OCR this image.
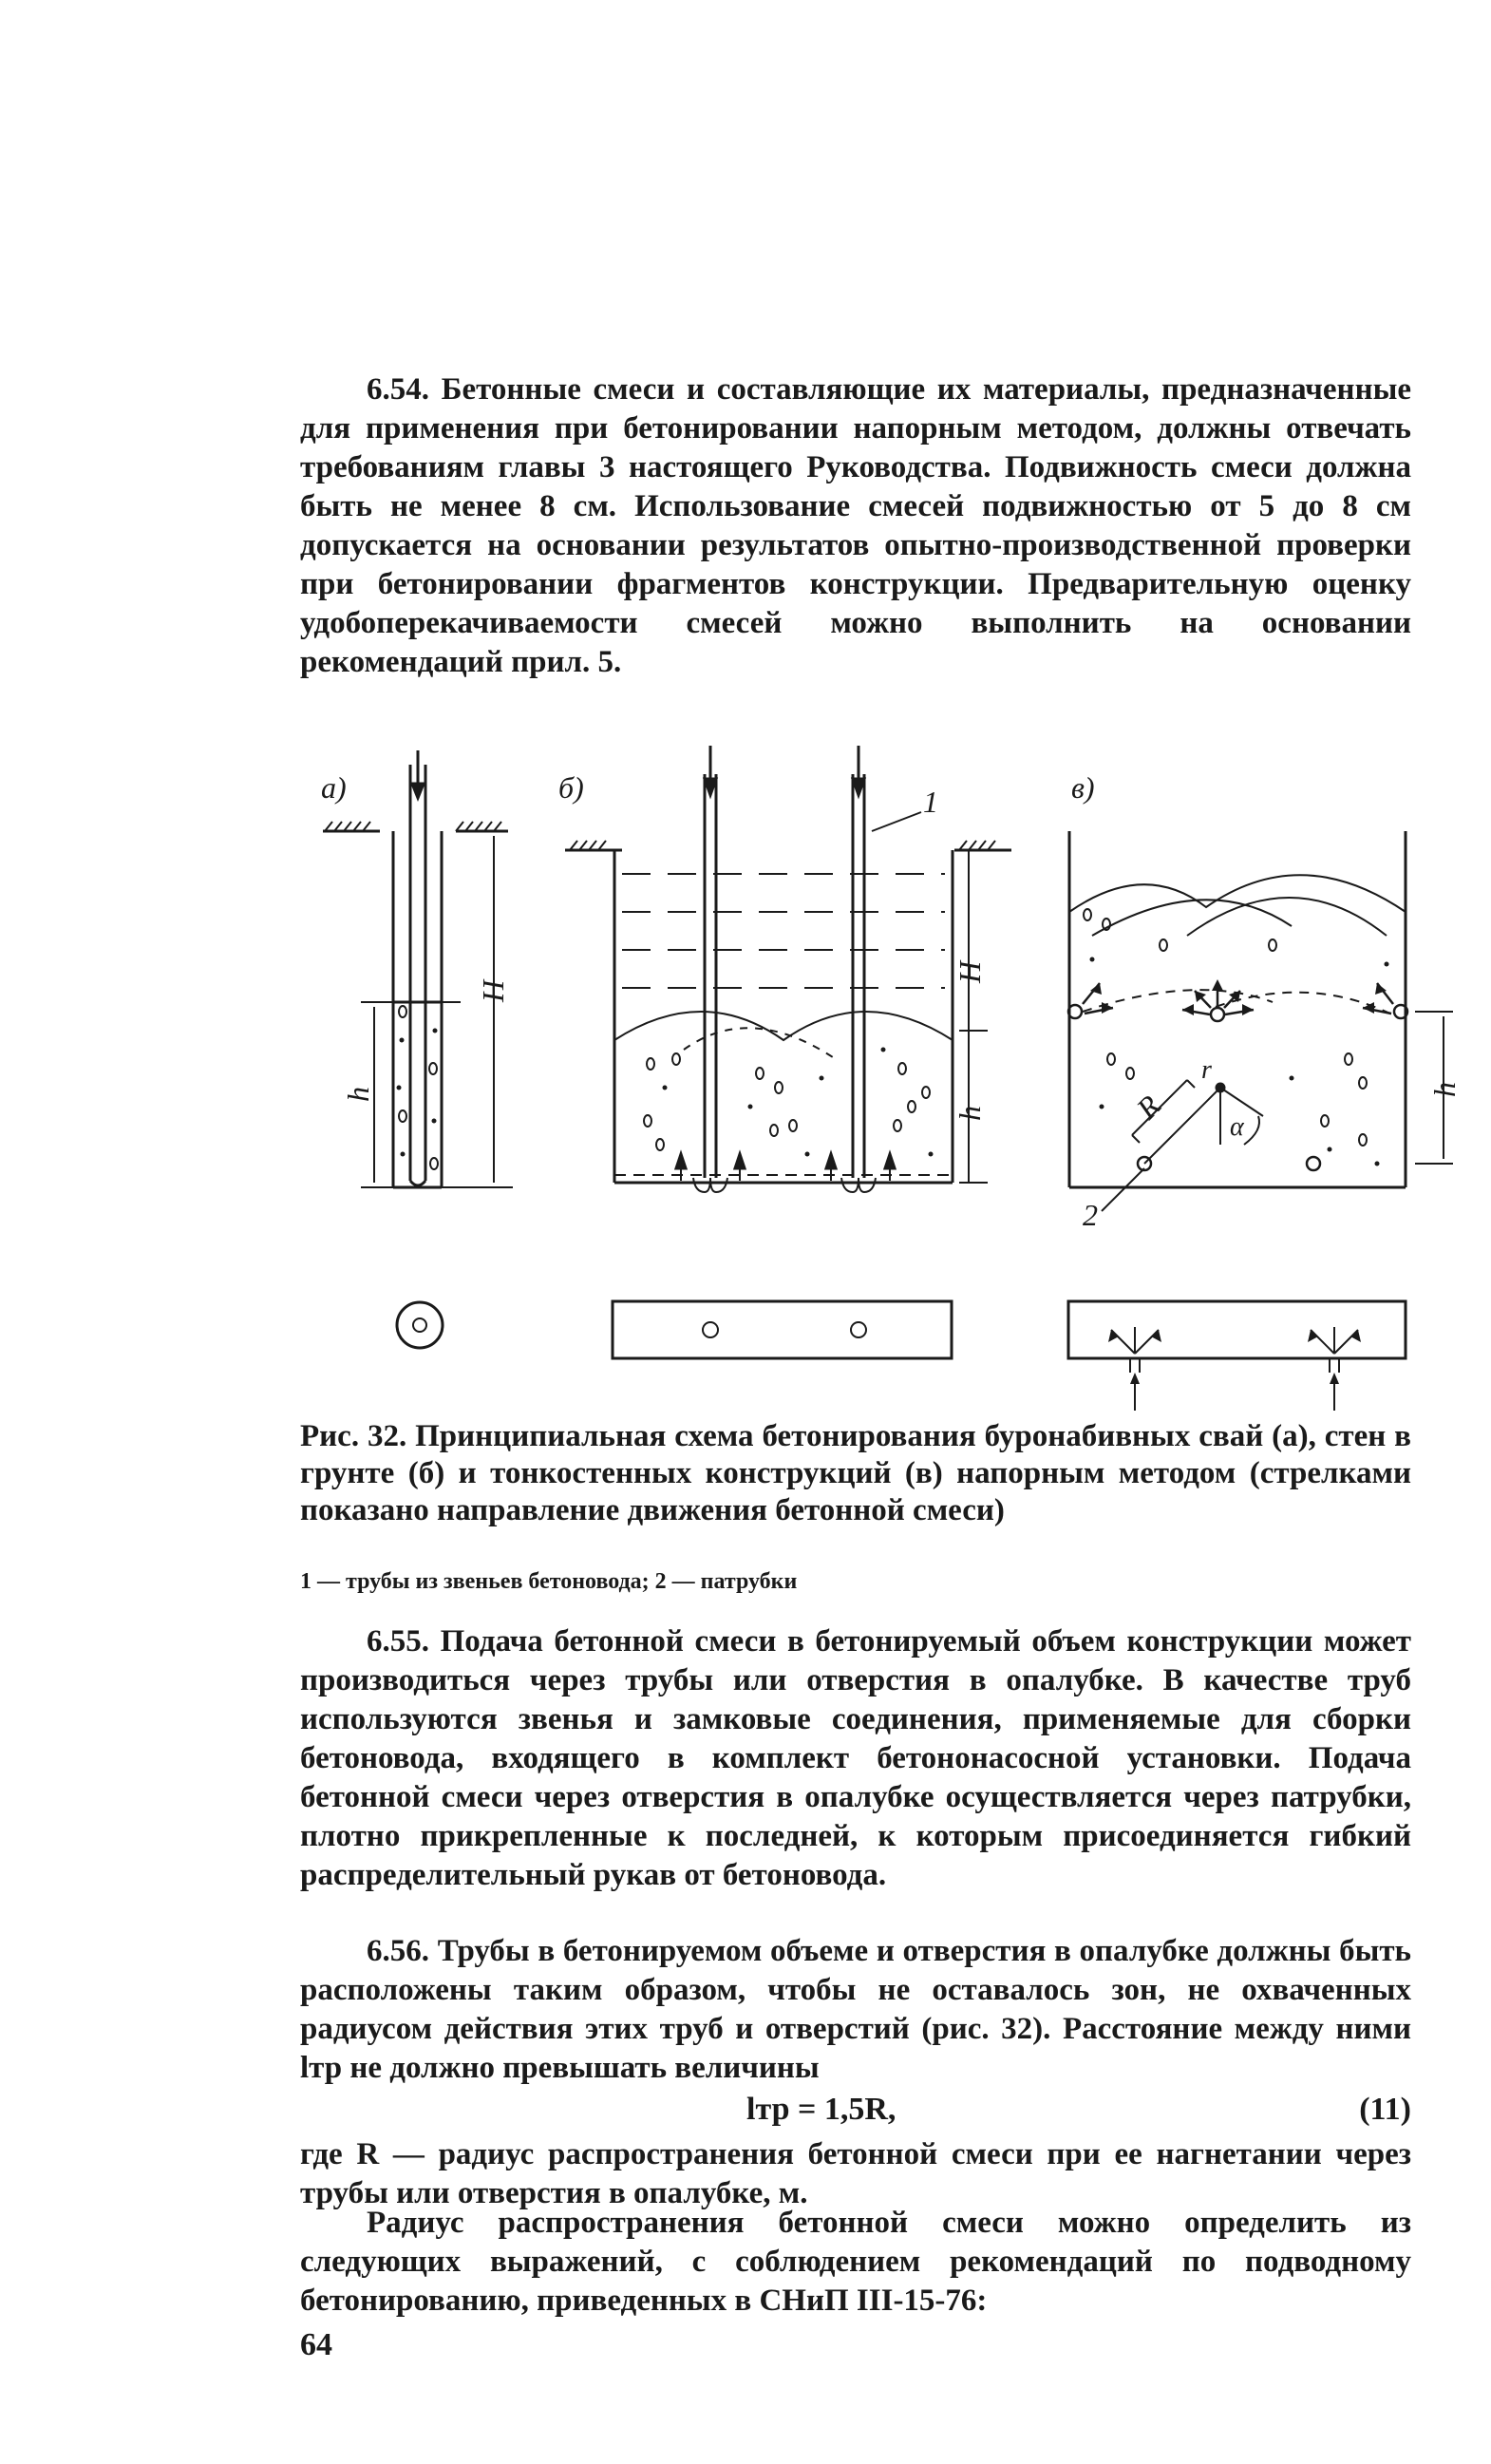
6.54. Бетонные смеси и составляющие их материалы, предназначенные для применения при бетонировании напорным методом, должны отвечать требованиям главы 3 настоящего Руководства. Подвижность смеси должна быть не менее 8 см. Использование смесей подвижностью от 5 до 8 см допускается на основании результатов опытно-производственной проверки при бетонировании фрагментов конструкции. Предварительную оценку удобоперекачиваемости смесей можно выполнить на основании рекомендаций прил. 5.
а)	б)	в)
H
h
H
h
h
R
r
α
1
2
Рис. 32. Принципиальная схема бетонирования буронабивных свай (а), стен в грунте (б) и тонкостенных конструкций (в) напорным методом (стрелками показано направление движения бетонной смеси)
1 — трубы из звеньев бетоновода; 2 — патрубки
6.55. Подача бетонной смеси в бетонируемый объем конструкции может производиться через трубы или отверстия в опалубке. В качестве труб используются звенья и замковые соединения, применяемые для сборки бетоновода, входящего в комплект бетононасосной установки. Подача бетонной смеси через отверстия в опалубке осуществляется через патрубки, плотно прикрепленные к последней, к которым присоединяется гибкий распределительный рукав от бетоновода.
6.56. Трубы в бетонируемом объеме и отверстия в опалубке должны быть расположены таким образом, чтобы не оставалось зон, не охваченных радиусом действия этих труб и отверстий (рис. 32). Расстояние между ними lтр не должно превышать величины
lтр = 1,5R,	(11)
где R — радиус распространения бетонной смеси при ее нагнетании через трубы или отверстия в опалубке, м.
Радиус распространения бетонной смеси можно определить из следующих выражений, с соблюдением рекомендаций по подводному бетонированию, приведенных в СНиП III-15-76:
64
